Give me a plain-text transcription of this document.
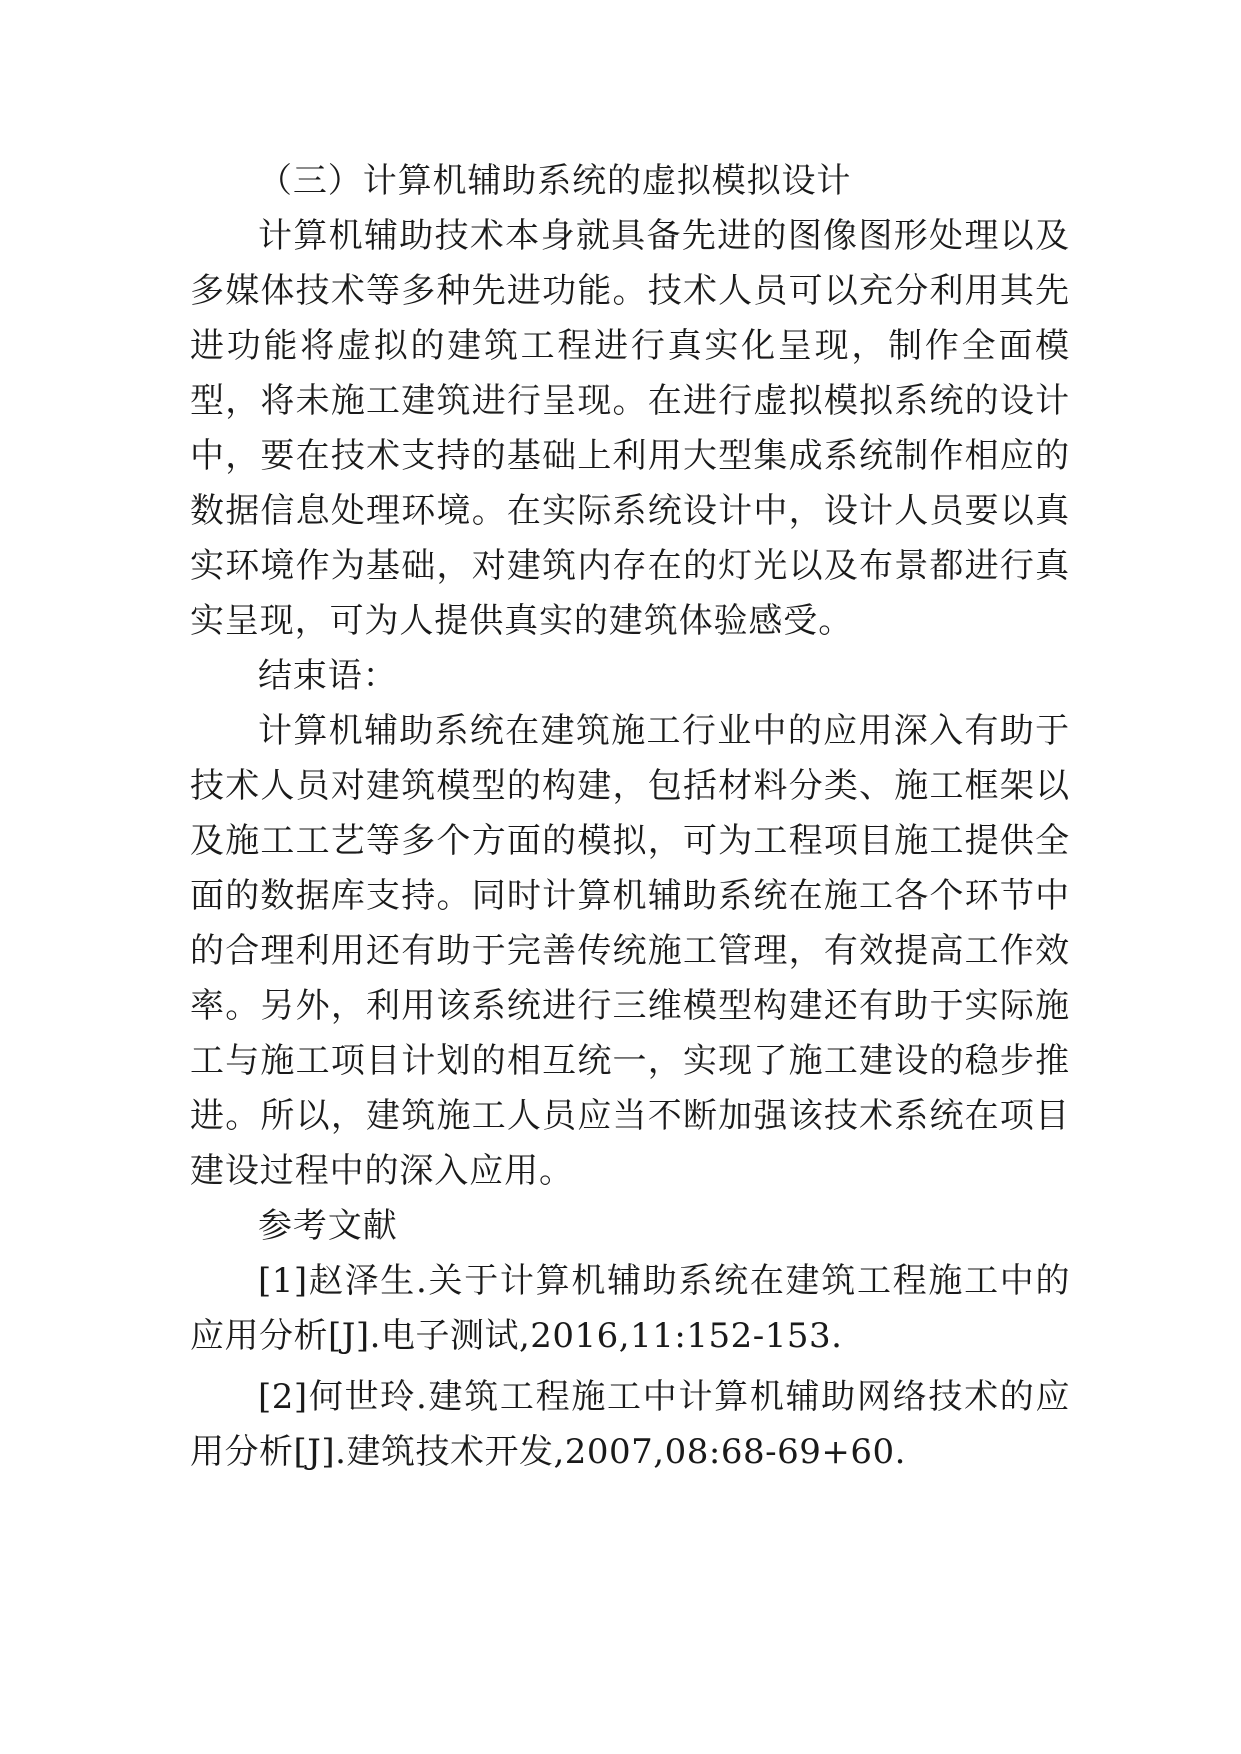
（三）计算机辅助系统的虚拟模拟设计

计算机辅助技术本身就具备先进的图像图形处理以及多媒体技术等多种先进功能。技术人员可以充分利用其先进功能将虚拟的建筑工程进行真实化呈现，制作全面模型，将未施工建筑进行呈现。在进行虚拟模拟系统的设计中，要在技术支持的基础上利用大型集成系统制作相应的数据信息处理环境。在实际系统设计中，设计人员要以真实环境作为基础，对建筑内存在的灯光以及布景都进行真实呈现，可为人提供真实的建筑体验感受。

结束语：

计算机辅助系统在建筑施工行业中的应用深入有助于技术人员对建筑模型的构建，包括材料分类、施工框架以及施工工艺等多个方面的模拟，可为工程项目施工提供全面的数据库支持。同时计算机辅助系统在施工各个环节中的合理利用还有助于完善传统施工管理，有效提高工作效率。另外，利用该系统进行三维模型构建还有助于实际施工与施工项目计划的相互统一，实现了施工建设的稳步推进。所以，建筑施工人员应当不断加强该技术系统在项目建设过程中的深入应用。

参考文献

[1]赵泽生.关于计算机辅助系统在建筑工程施工中的应用分析[J].电子测试,2016,11:152-153.

[2]何世玲.建筑工程施工中计算机辅助网络技术的应用分析[J].建筑技术开发,2007,08:68-69+60.
